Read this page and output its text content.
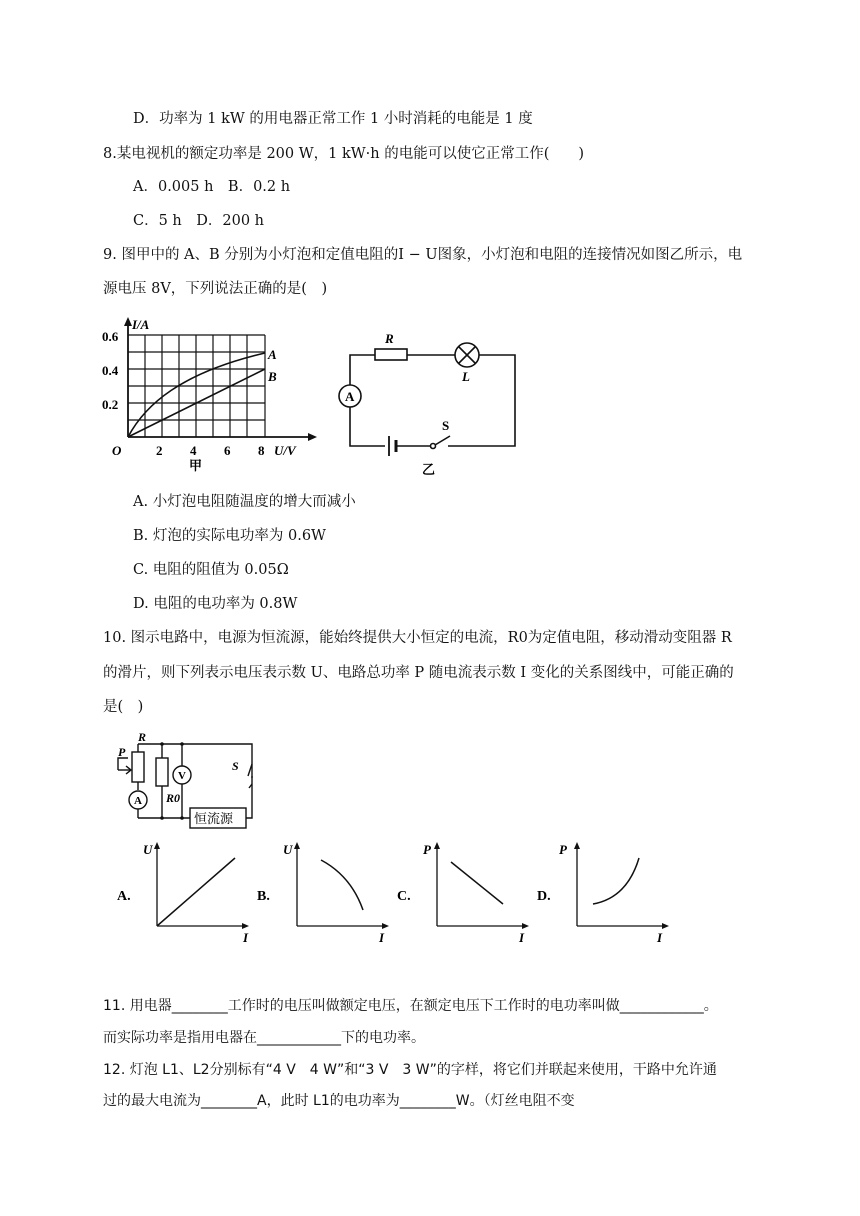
D．功率为 1 kW 的用电器正常工作 1 小时消耗的电能是 1 度
8.某电视机的额定功率是 200 W，1 kW·h 的电能可以使它正常工作(　　)
A．0.005 h　B．0.2 h
C．5 h　D．200 h
9. 图甲中的 A、B 分别为小灯泡和定值电阻的I − U图象，小灯泡和电阻的连接情况如图乙所示，电
源电压 8V，下列说法正确的是(　)
I/A
0.6
0.4
0.2
O	2 4 6 8 U/V
A
B
甲
A
R
L
S
乙
A. 小灯泡电阻随温度的增大而减小
B. 灯泡的实际电功率为 0.6W
C. 电阻的阻值为 0.05Ω
D. 电阻的电功率为 0.8W
10. 图示电路中，电源为恒流源，能始终提供大小恒定的电流，R0为定值电阻，移动滑动变阻器 R
的滑片，则下列表示电压表示数 U、电路总功率 P 随电流表示数 I 变化的关系图线中，可能正确的
是(　)
R
P
A
V
R0
S
恒流源
A.
U
I
B.
U
I
C.
P
I
D.
P
I
11. 用电器________工作时的电压叫做额定电压，在额定电压下工作时的电功率叫做____________。
而实际功率是指用电器在____________下的电功率。
12. 灯泡 L1、L2分别标有“4 V　4 W”和“3 V　3 W”的字样，将它们并联起来使用，干路中允许通
过的最大电流为________A，此时 L1的电功率为________W。（灯丝电阻不变
